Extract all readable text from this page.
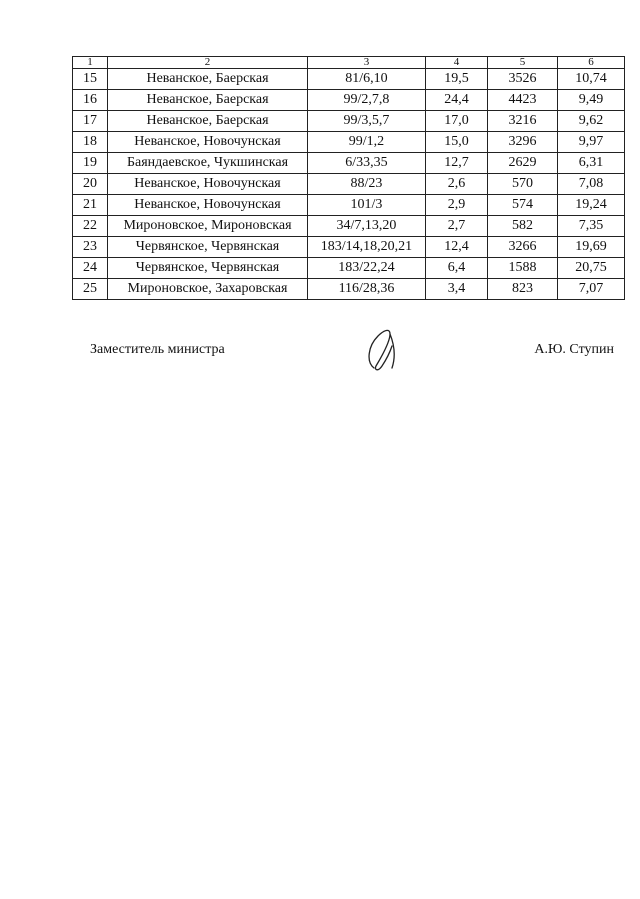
1	2	3	4	5	6
15	Неванское, Баерская	81/6,10	19,5	3526	10,74
16	Неванское, Баерская	99/2,7,8	24,4	4423	9,49
17	Неванское, Баерская	99/3,5,7	17,0	3216	9,62
18	Неванское, Новочунская	99/1,2	15,0	3296	9,97
19	Баяндаевское, Чукшинская	6/33,35	12,7	2629	6,31
20	Неванское, Новочунская	88/23	2,6	570	7,08
21	Неванское, Новочунская	101/3	2,9	574	19,24
22	Мироновское, Мироновская	34/7,13,20	2,7	582	7,35
23	Червянское, Червянская	183/14,18,20,21	12,4	3266	19,69
24	Червянское, Червянская	183/22,24	6,4	1588	20,75
25	Мироновское, Захаровская	116/28,36	3,4	823	7,07
Заместитель министра	А.Ю. Ступин
